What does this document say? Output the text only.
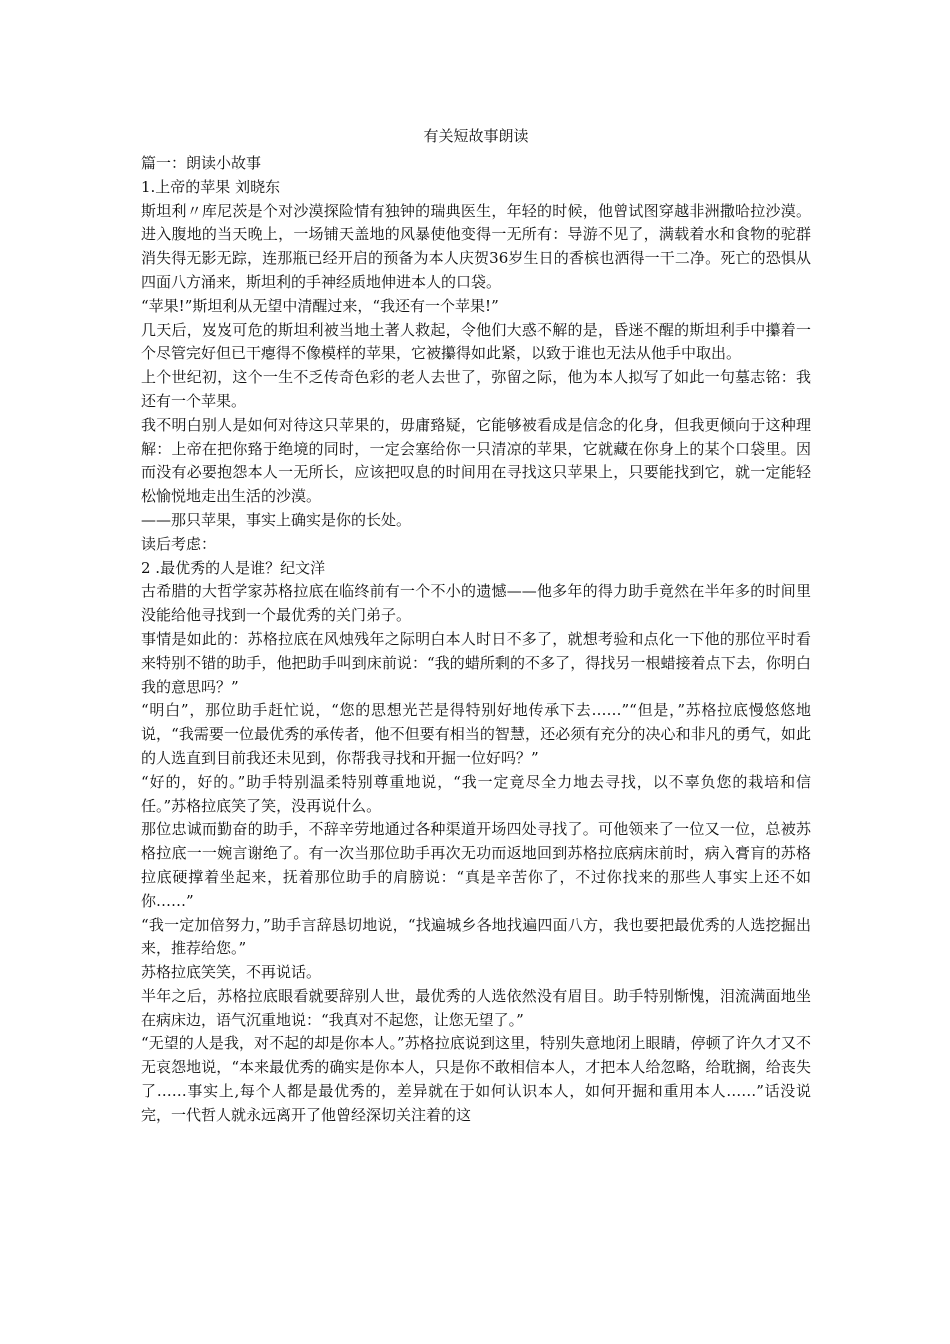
有关短故事朗读

篇一：朗读小故事

1.上帝的苹果 刘晓东

斯坦利〃库尼茨是个对沙漠探险情有独钟的瑞典医生，年轻的时候，他曾试图穿越非洲撒哈拉沙漠。进入腹地的当天晚上，一场铺天盖地的风暴使他变得一无所有：导游不见了，满载着水和食物的驼群消失得无影无踪，连那瓶已经开启的预备为本人庆贺36岁生日的香槟也洒得一干二净。死亡的恐惧从四面八方涌来，斯坦利的手神经质地伸进本人的口袋。

“苹果!”斯坦利从无望中清醒过来，“我还有一个苹果!”

几天后，岌岌可危的斯坦利被当地土著人救起，令他们大惑不解的是，昏迷不醒的斯坦利手中攥着一个尽管完好但已干瘪得不像模样的苹果，它被攥得如此紧，以致于谁也无法从他手中取出。

上个世纪初，这个一生不乏传奇色彩的老人去世了，弥留之际，他为本人拟写了如此一句墓志铭：我还有一个苹果。

我不明白别人是如何对待这只苹果的，毋庸臵疑，它能够被看成是信念的化身，但我更倾向于这种理解：上帝在把你臵于绝境的同时，一定会塞给你一只清凉的苹果，它就藏在你身上的某个口袋里。因而没有必要抱怨本人一无所长，应该把叹息的时间用在寻找这只苹果上，只要能找到它，就一定能轻松愉悦地走出生活的沙漠。

——那只苹果，事实上确实是你的长处。

读后考虑：

2 .最优秀的人是谁？纪文洋

古希腊的大哲学家苏格拉底在临终前有一个不小的遗憾——他多年的得力助手竟然在半年多的时间里没能给他寻找到一个最优秀的关门弟子。

事情是如此的：苏格拉底在风烛残年之际明白本人时日不多了，就想考验和点化一下他的那位平时看来特别不错的助手，他把助手叫到床前说：“我的蜡所剩的不多了，得找另一根蜡接着点下去，你明白我的意思吗？”

“明白”，那位助手赶忙说，“您的思想光芒是得特别好地传承下去……”“但是，”苏格拉底慢悠悠地说，“我需要一位最优秀的承传者，他不但要有相当的智慧，还必须有充分的决心和非凡的勇气，如此的人选直到目前我还未见到，你帮我寻找和开掘一位好吗？”

“好的，好的。”助手特别温柔特别尊重地说，“我一定竟尽全力地去寻找，以不辜负您的栽培和信任。”苏格拉底笑了笑，没再说什么。

那位忠诚而勤奋的助手，不辞辛劳地通过各种渠道开场四处寻找了。可他领来了一位又一位，总被苏格拉底一一婉言谢绝了。有一次当那位助手再次无功而返地回到苏格拉底病床前时，病入膏肓的苏格拉底硬撑着坐起来，抚着那位助手的肩膀说：“真是辛苦你了，不过你找来的那些人事实上还不如你……”

“我一定加倍努力，”助手言辞恳切地说，“找遍城乡各地找遍四面八方，我也要把最优秀的人选挖掘出来，推荐给您。”

苏格拉底笑笑，不再说话。

半年之后，苏格拉底眼看就要辞别人世，最优秀的人选依然没有眉目。助手特别惭愧，泪流满面地坐在病床边，语气沉重地说：“我真对不起您，让您无望了。”

“无望的人是我，对不起的却是你本人。”苏格拉底说到这里，特别失意地闭上眼睛，停顿了许久才又不无哀怨地说，“本来最优秀的确实是你本人，只是你不敢相信本人，才把本人给忽略，给耽搁，给丧失了……事实上,每个人都是最优秀的，差异就在于如何认识本人，如何开掘和重用本人……”话没说完，一代哲人就永远离开了他曾经深切关注着的这
